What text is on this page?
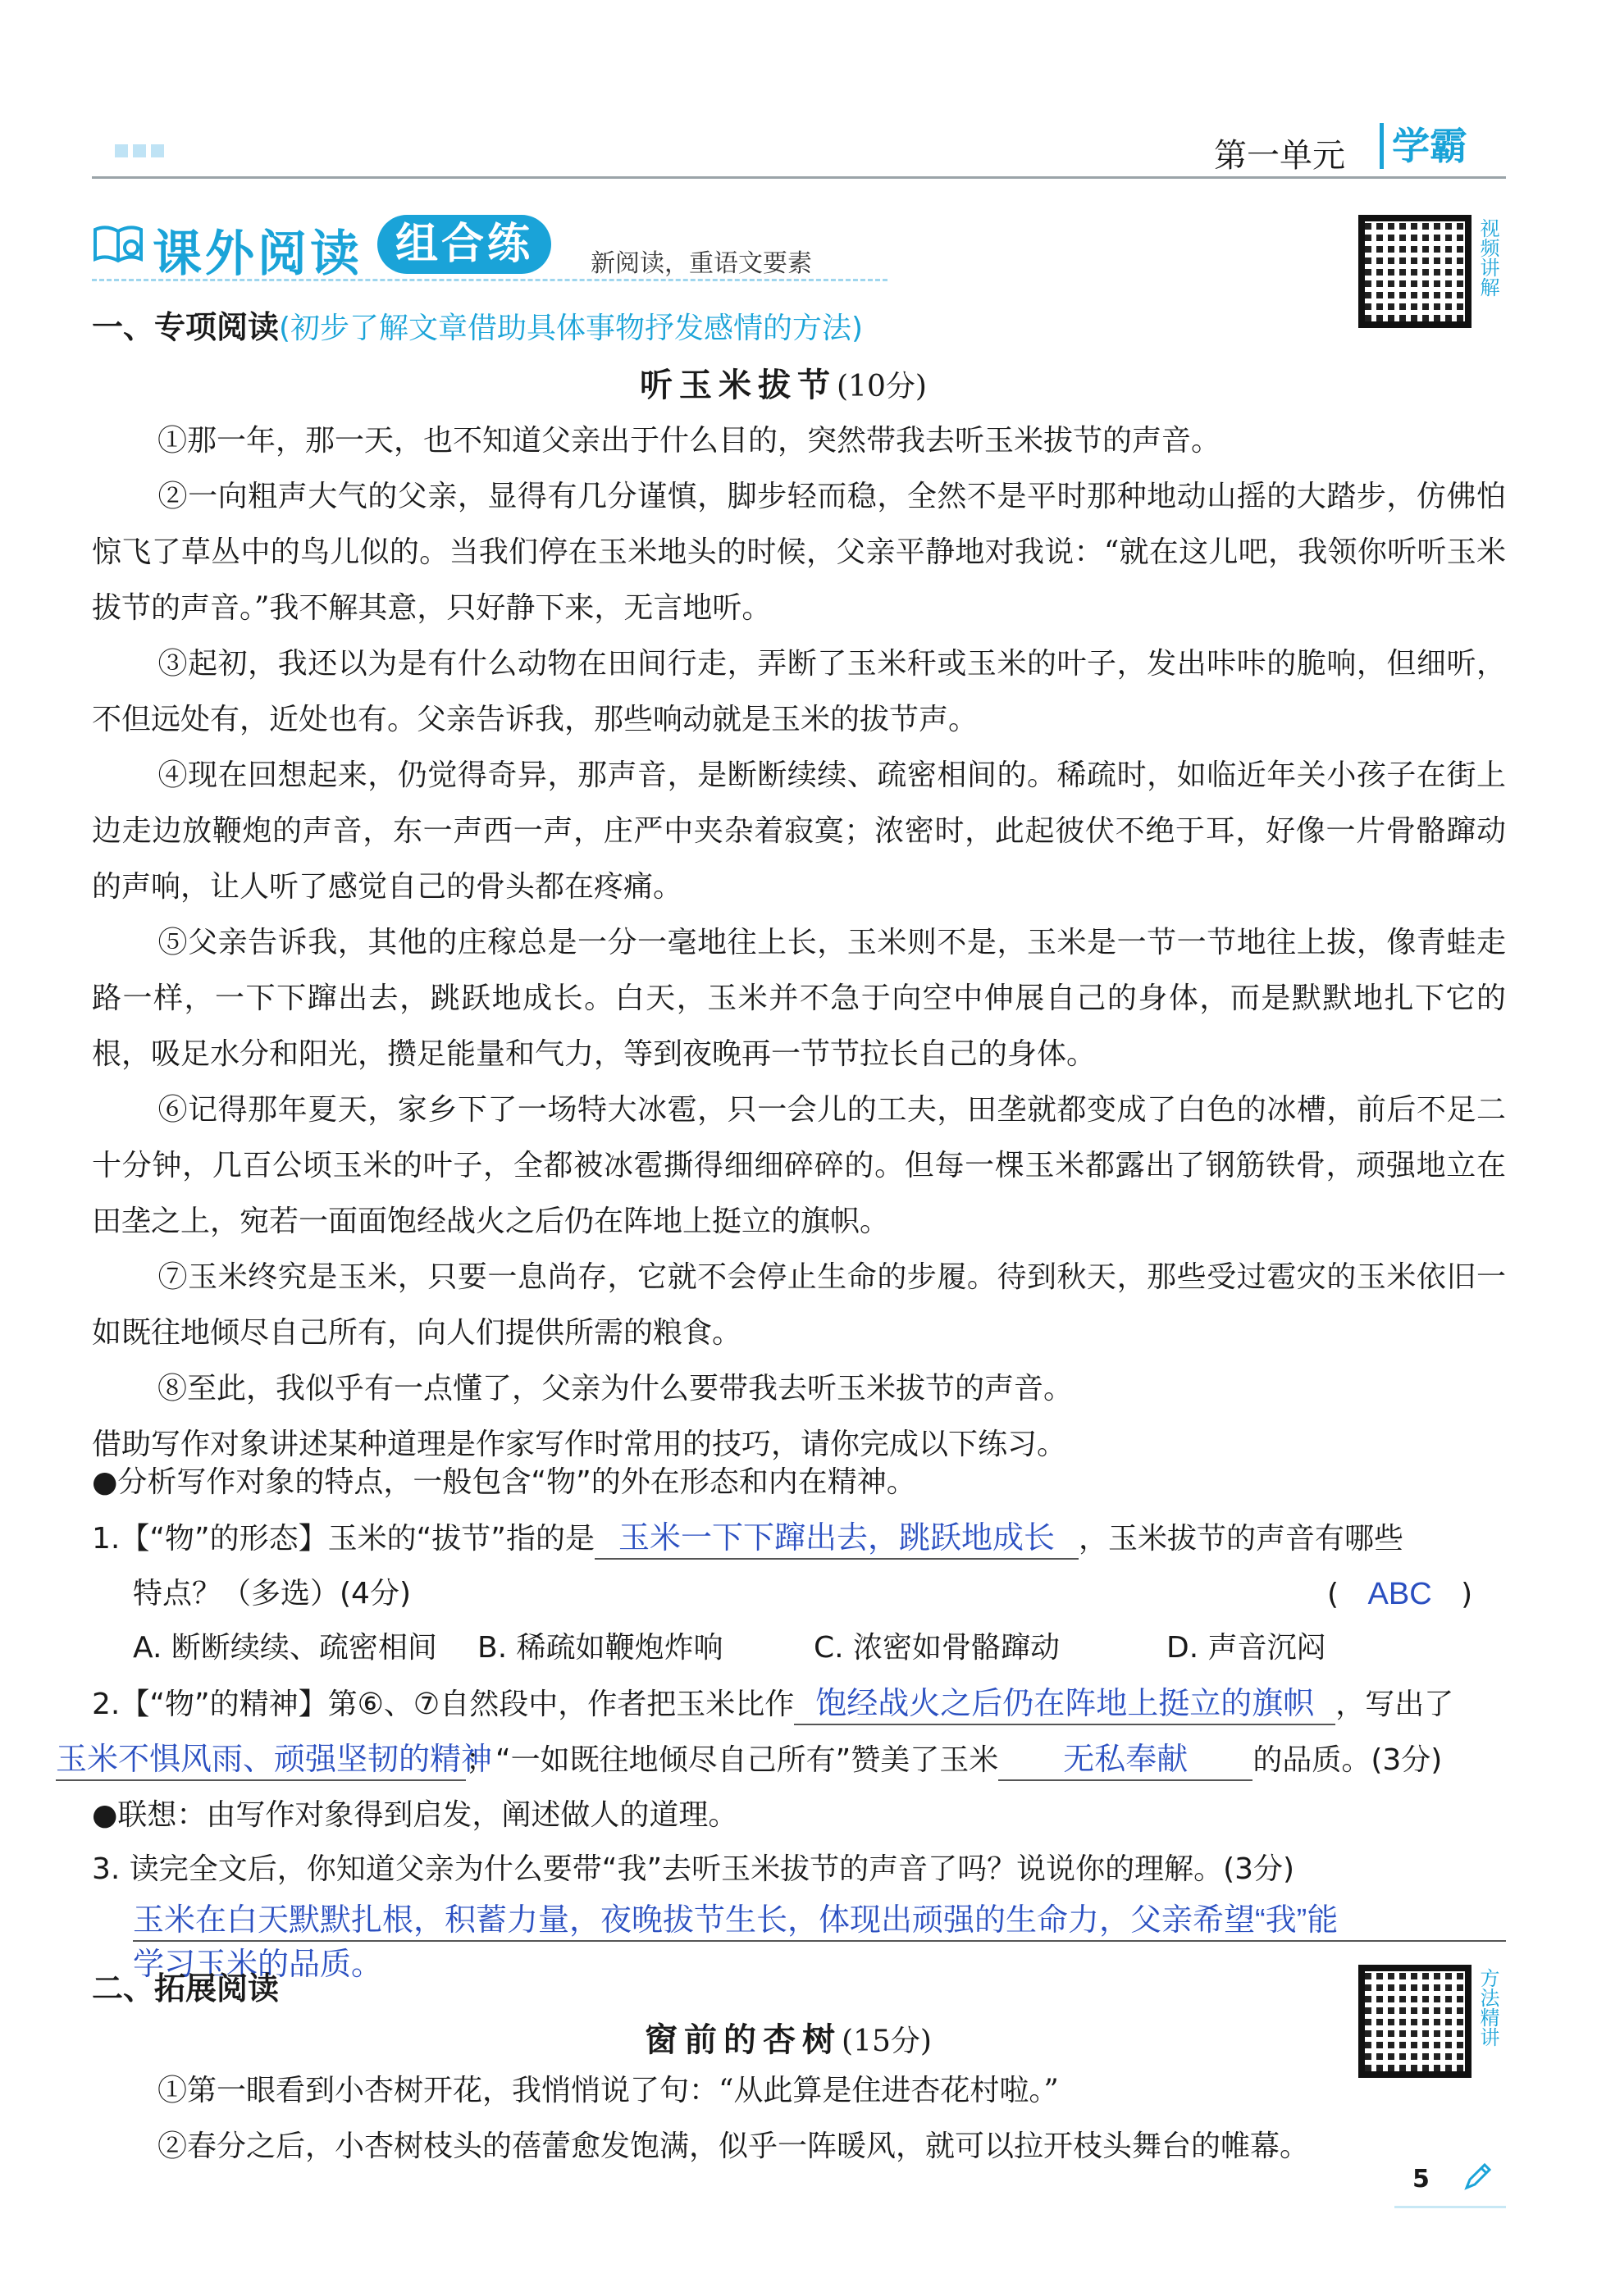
第一单元	学霸
课外阅读 组合练	新阅读，重语文要素	视频讲解
一、专项阅读(初步了解文章借助具体事物抒发感情的方法)
听玉米拔节(10分)
①那一年，那一天，也不知道父亲出于什么目的，突然带我去听玉米拔节的声音。
②一向粗声大气的父亲，显得有几分谨慎，脚步轻而稳，全然不是平时那种地动山摇的大踏步，仿佛怕惊飞了草丛中的鸟儿似的。当我们停在玉米地头的时候，父亲平静地对我说：“就在这儿吧，我领你听听玉米拔节的声音。”我不解其意，只好静下来，无言地听。
③起初，我还以为是有什么动物在田间行走，弄断了玉米秆或玉米的叶子，发出咔咔的脆响，但细听，不但远处有，近处也有。父亲告诉我，那些响动就是玉米的拔节声。
④现在回想起来，仍觉得奇异，那声音，是断断续续、疏密相间的。稀疏时，如临近年关小孩子在街上边走边放鞭炮的声音，东一声西一声，庄严中夹杂着寂寞；浓密时，此起彼伏不绝于耳，好像一片骨骼蹿动的声响，让人听了感觉自己的骨头都在疼痛。
⑤父亲告诉我，其他的庄稼总是一分一毫地往上长，玉米则不是，玉米是一节一节地往上拔，像青蛙走路一样，一下下蹿出去，跳跃地成长。白天，玉米并不急于向空中伸展自己的身体，而是默默地扎下它的根，吸足水分和阳光，攒足能量和气力，等到夜晚再一节节拉长自己的身体。
⑥记得那年夏天，家乡下了一场特大冰雹，只一会儿的工夫，田垄就都变成了白色的冰槽，前后不足二十分钟，几百公顷玉米的叶子，全都被冰雹撕得细细碎碎的。但每一棵玉米都露出了钢筋铁骨，顽强地立在田垄之上，宛若一面面饱经战火之后仍在阵地上挺立的旗帜。
⑦玉米终究是玉米，只要一息尚存，它就不会停止生命的步履。待到秋天，那些受过雹灾的玉米依旧一如既往地倾尽自己所有，向人们提供所需的粮食。
⑧至此，我似乎有一点懂了，父亲为什么要带我去听玉米拔节的声音。
借助写作对象讲述某种道理是作家写作时常用的技巧，请你完成以下练习。
●分析写作对象的特点，一般包含“物”的外在形态和内在精神。
1.【“物”的形态】玉米的“拔节”指的是 玉米一下下蹿出去，跳跃地成长 ，玉米拔节的声音有哪些
特点？（多选）(4分)	( ABC )
A. 断断续续、疏密相间 B. 稀疏如鞭炮炸响	C. 浓密如骨骼蹿动	D. 声音沉闷
2.【“物”的精神】第⑥、⑦自然段中，作者把玉米比作 饱经战火之后仍在阵地上挺立的旗帜 ，写出了
玉米不惧风雨、顽强坚韧的精神；“一如既往地倾尽自己所有”赞美了玉米 无私奉献 的品质。(3分)
●联想：由写作对象得到启发，阐述做人的道理。
3. 读完全文后，你知道父亲为什么要带“我”去听玉米拔节的声音了吗？说说你的理解。(3分)
玉米在白天默默扎根，积蓄力量，夜晚拔节生长，体现出顽强的生命力，父亲希望“我”能
学习玉米的品质。
二、拓展阅读	方法精讲
窗前的杏树(15分)
①第一眼看到小杏树开花，我悄悄说了句：“从此算是住进杏花村啦。”
②春分之后，小杏树枝头的蓓蕾愈发饱满，似乎一阵暖风，就可以拉开枝头舞台的帷幕。
5
